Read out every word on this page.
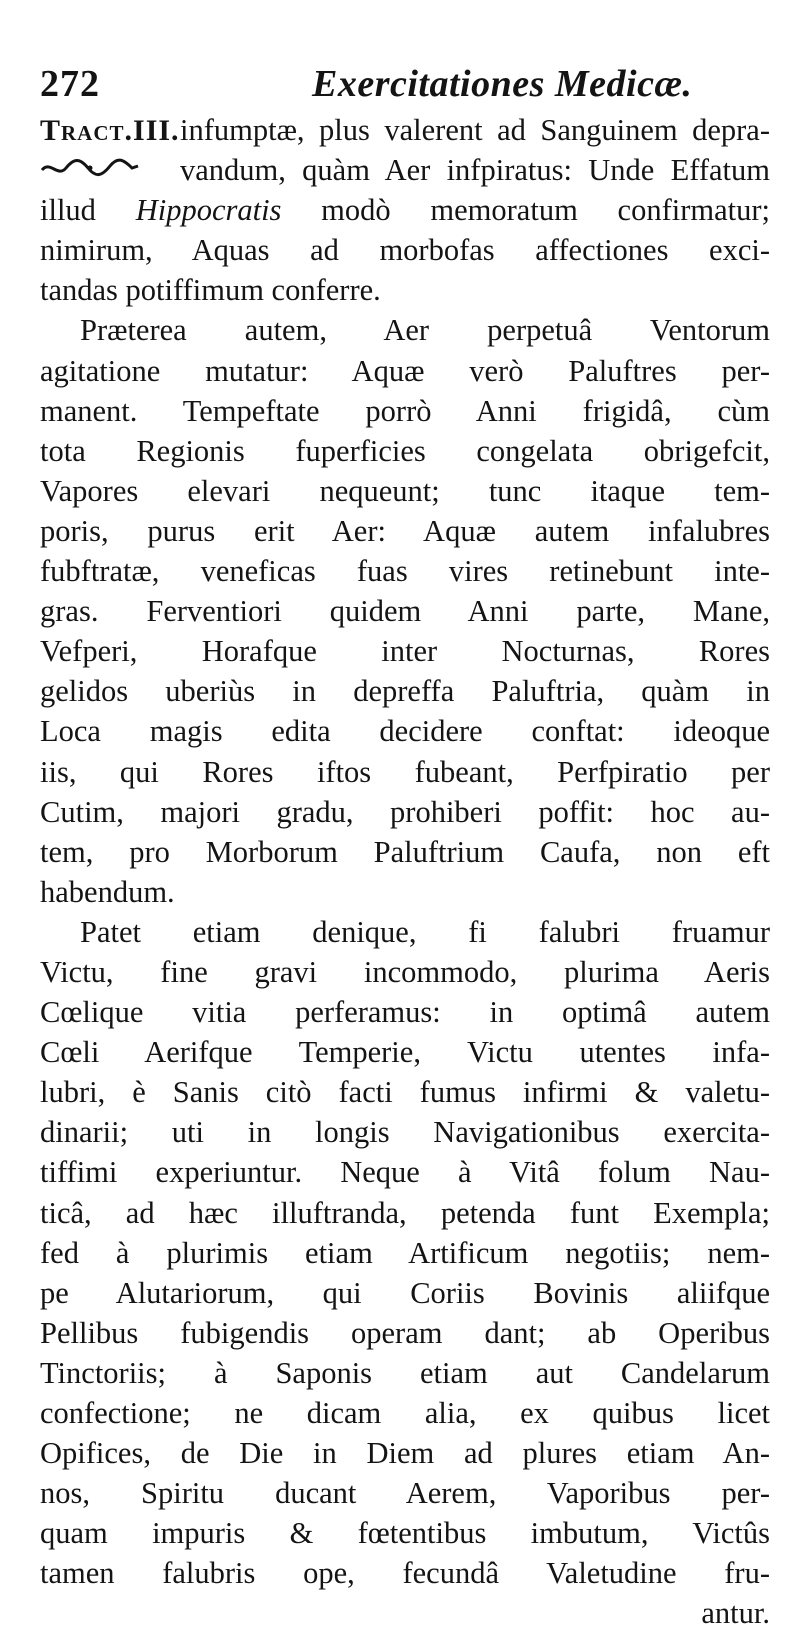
272	Exercitationes Medicæ.
Tract.III. infumptæ, plus valerent ad Sanguinem depra-
vandum, quàm Aer infpiratus: Unde Effatum
illud Hippocratis modò memoratum confirmatur;
nimirum, Aquas ad morbofas affectiones exci-
tandas potiffimum conferre.
Præterea autem, Aer perpetuâ Ventorum
agitatione mutatur: Aquæ verò Paluftres per-
manent. Tempeftate porrò Anni frigidâ, cùm
tota Regionis fuperficies congelata obrigefcit,
Vapores elevari nequeunt; tunc itaque tem-
poris, purus erit Aer: Aquæ autem infalubres
fubftratæ, veneficas fuas vires retinebunt inte-
gras. Ferventiori quidem Anni parte, Mane,
Vefperi, Horafque inter Nocturnas, Rores
gelidos uberiùs in depreffa Paluftria, quàm in
Loca magis edita decidere conftat: ideoque
iis, qui Rores iftos fubeant, Perfpiratio per
Cutim, majori gradu, prohiberi poffit: hoc au-
tem, pro Morborum Paluftrium Caufa, non eft
habendum.
Patet etiam denique, fi falubri fruamur
Victu, fine gravi incommodo, plurima Aeris
Cœlique vitia perferamus: in optimâ autem
Cœli Aerifque Temperie, Victu utentes infa-
lubri, è Sanis citò facti fumus infirmi & valetu-
dinarii; uti in longis Navigationibus exercita-
tiffimi experiuntur. Neque à Vitâ folum Nau-
ticâ, ad hæc illuftranda, petenda funt Exempla;
fed à plurimis etiam Artificum negotiis; nem-
pe Alutariorum, qui Coriis Bovinis aliifque
Pellibus fubigendis operam dant; ab Operibus
Tinctoriis; à Saponis etiam aut Candelarum
confectione; ne dicam alia, ex quibus licet
Opifices, de Die in Diem ad plures etiam An-
nos, Spiritu ducant Aerem, Vaporibus per-
quam impuris & fœtentibus imbutum, Victûs
tamen falubris ope, fecundâ Valetudine fru-
antur.
